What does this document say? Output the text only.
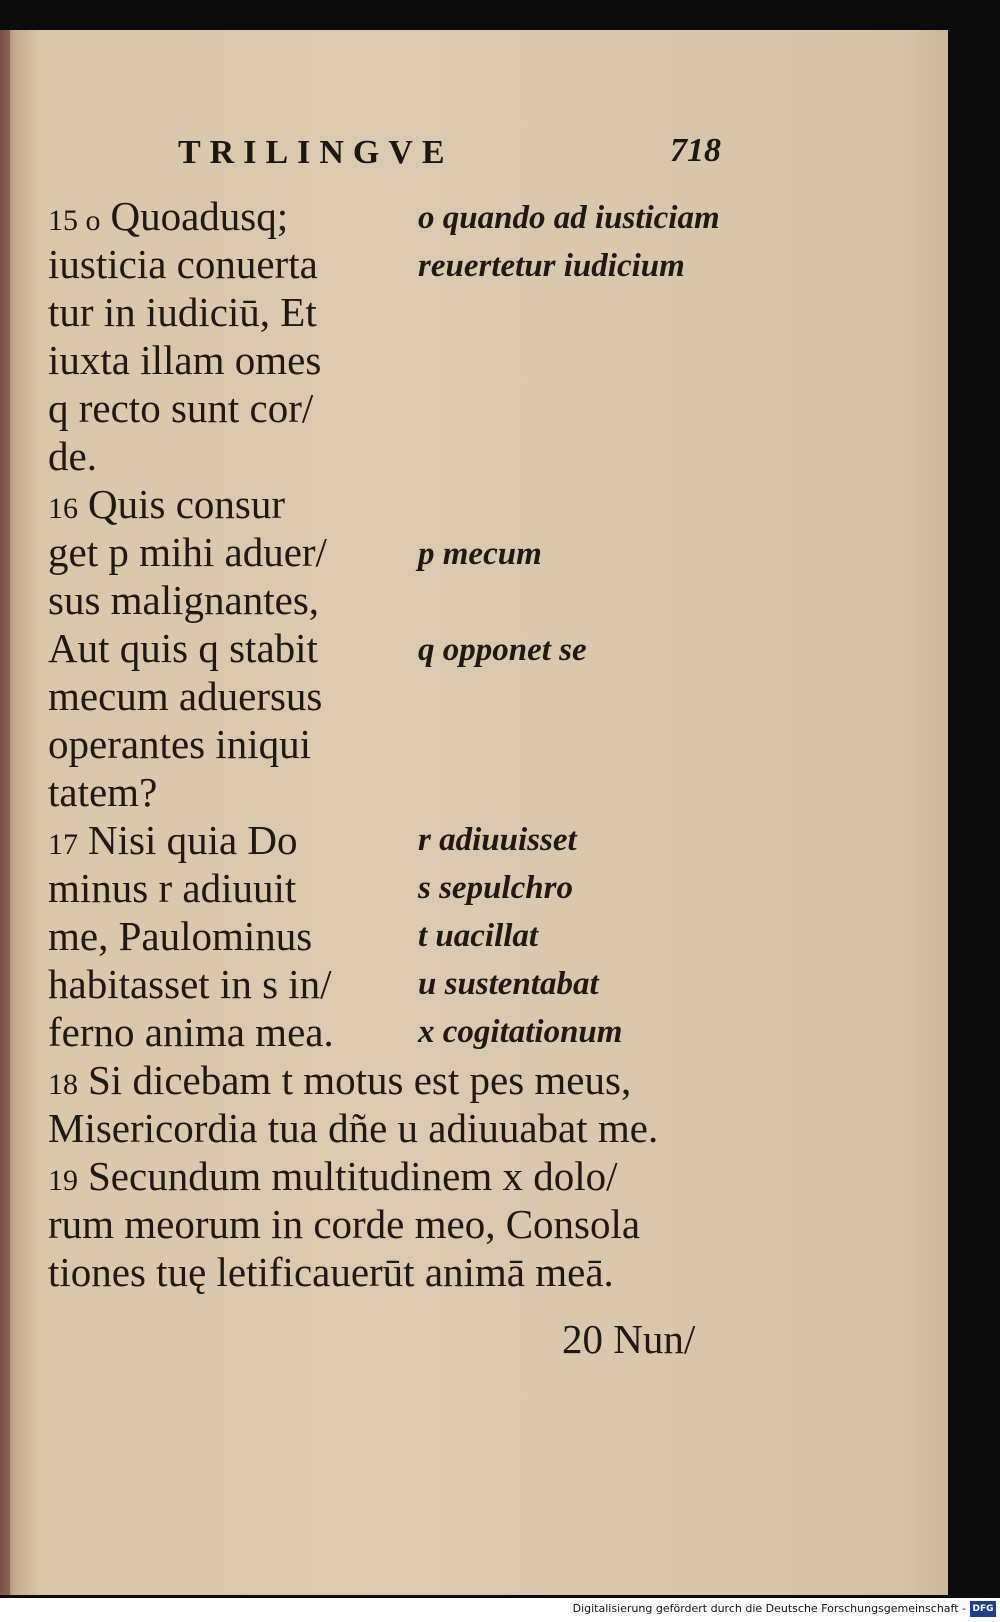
TRILINGVE	718
15 o Quoadusq;
iusticia conuerta
tur in iudiciū, Et
iuxta illam omes
q recto sunt cor/
de.
16 Quis consur
get p mihi aduer/
sus malignantes,
Aut quis q stabit
mecum aduersus
operantes iniqui
tatem?
17 Nisi quia Do
minus r adiuuit
me, Paulominus
habitasset in s in/
ferno anima mea.
18 Si dicebam t motus est pes meus,
Misericordia tua dñe u adiuuabat me.
19 Secundum multitudinem x dolo/
rum meorum in corde meo, Consola
tiones tuę letificauerūt animā meā.
o quando ad iusticiam
reuertetur iudicium
p mecum
q opponet se
r adiuuisset
s sepulchro
t uacillat
u sustentabat
x cogitationum
20 Nun/
Digitalisierung gefördert durch die Deutsche Forschungsgemeinschaft - DFG
